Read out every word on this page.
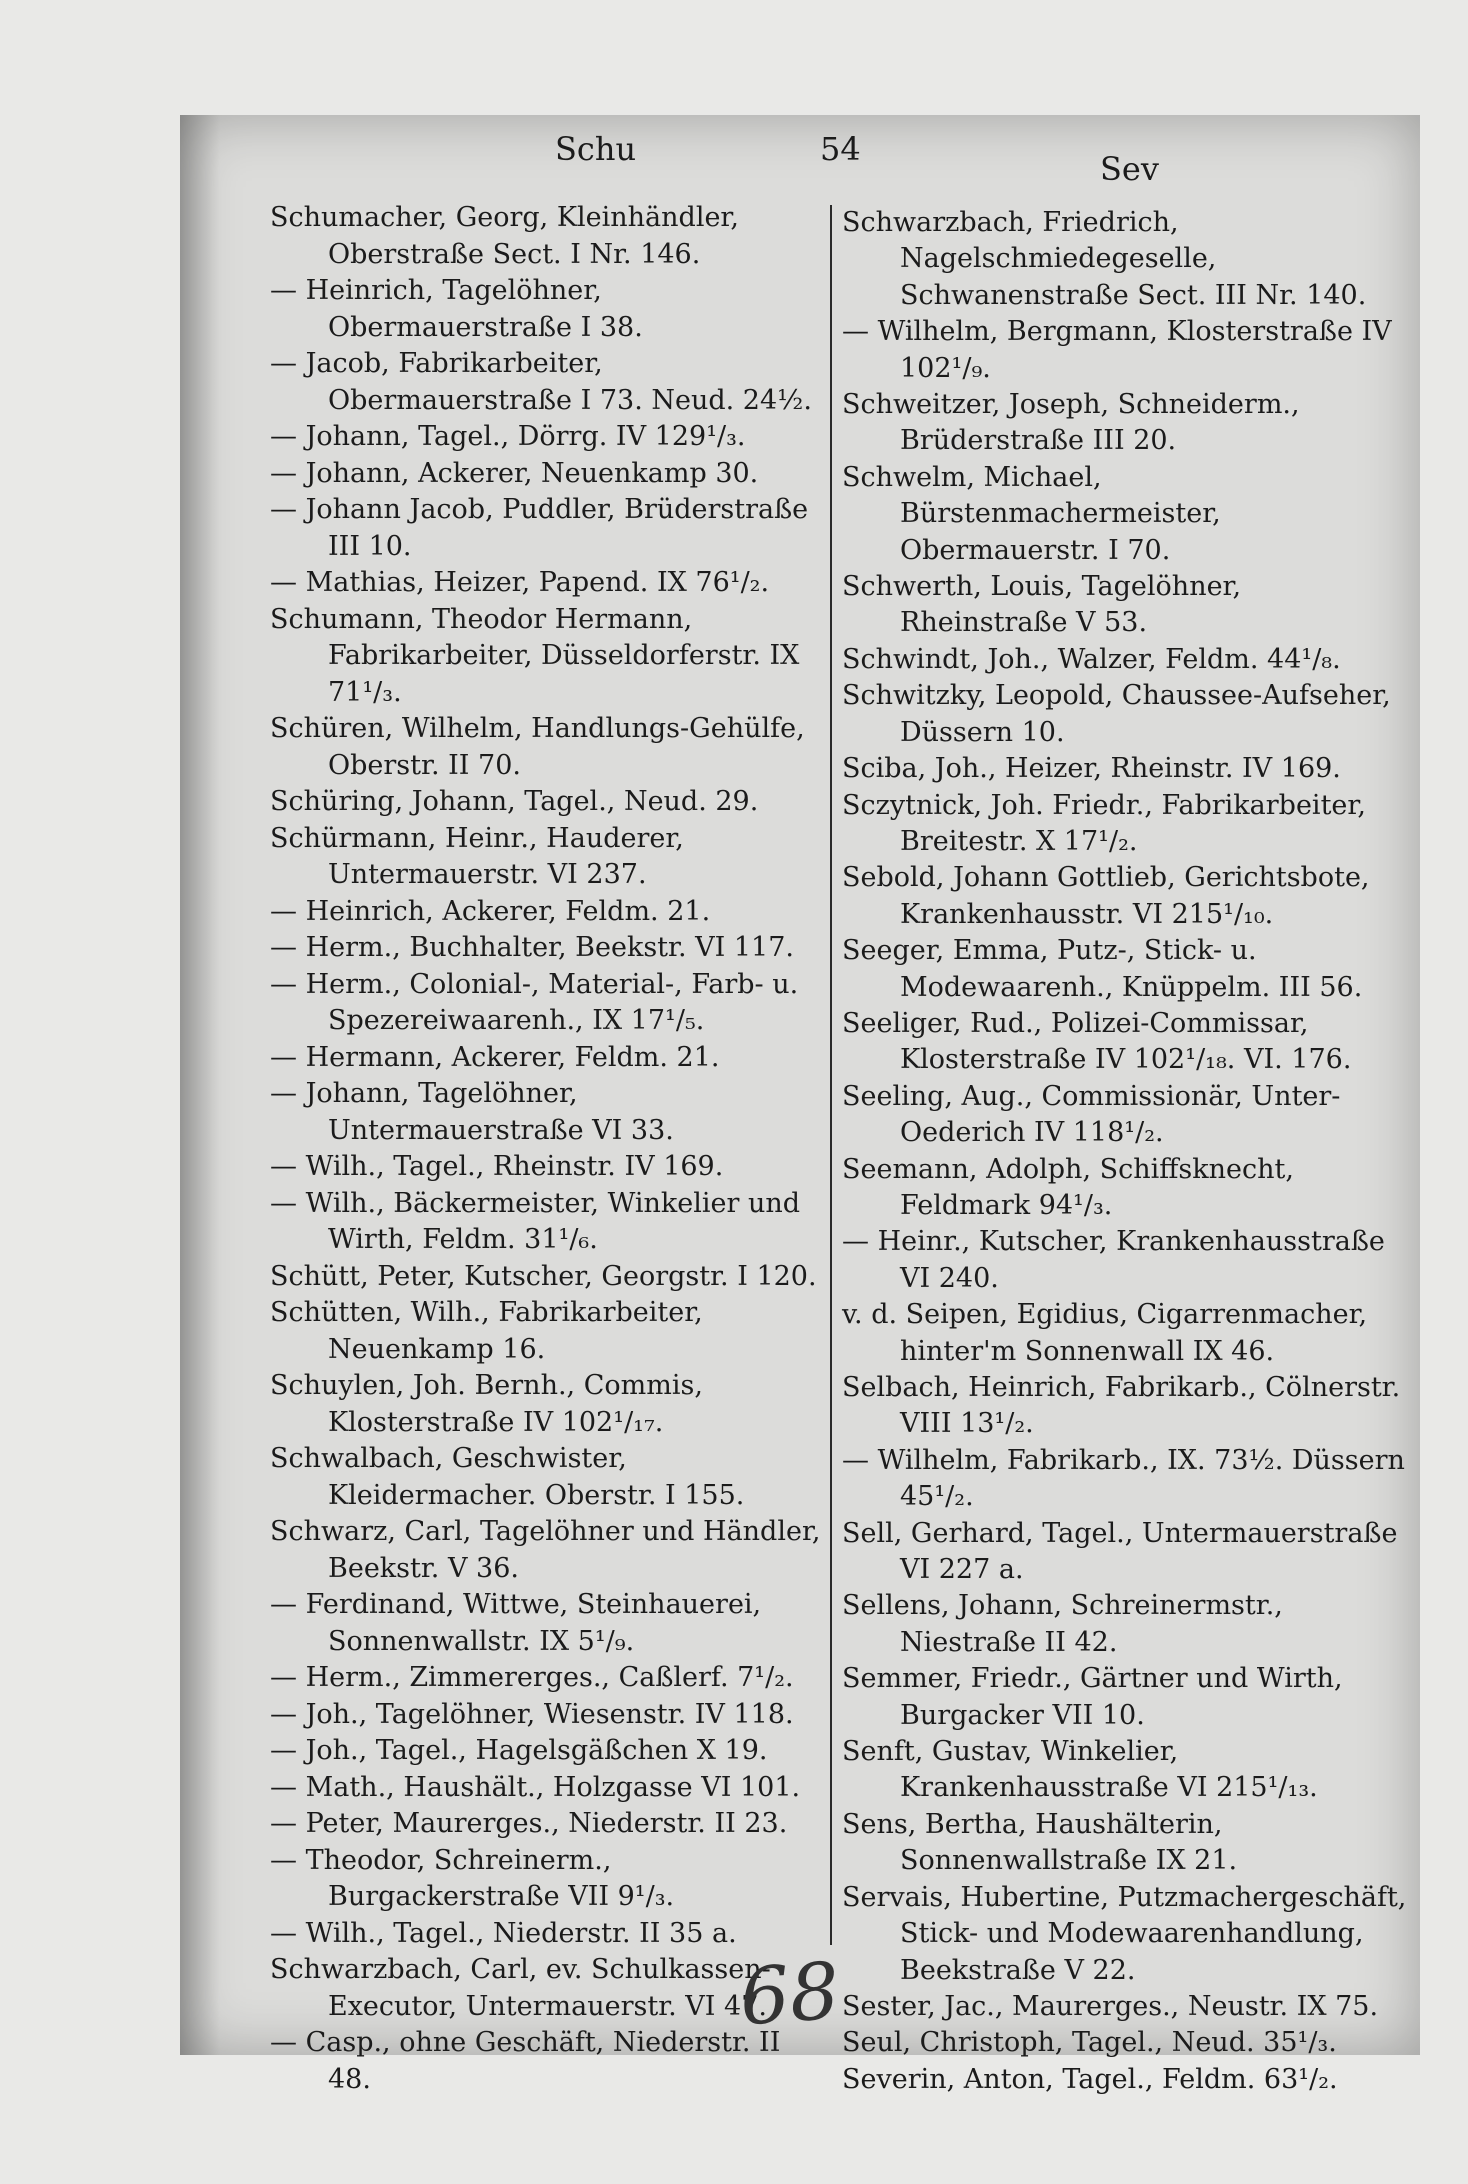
Schu	54
Sev
Schumacher, Georg, Kleinhändler, Oberstraße Sect. I Nr. 146.
— Heinrich, Tagelöhner, Obermauerstraße I 38.
— Jacob, Fabrikarbeiter, Obermauerstraße I 73. Neud. 24½.
— Johann, Tagel., Dörrg. IV 129¹/₃.
— Johann, Ackerer, Neuenkamp 30.
— Johann Jacob, Puddler, Brüderstraße III 10.
— Mathias, Heizer, Papend. IX 76¹/₂.
Schumann, Theodor Hermann, Fabrikarbeiter, Düsseldorferstr. IX 71¹/₃.
Schüren, Wilhelm, Handlungs-Gehülfe, Oberstr. II 70.
Schüring, Johann, Tagel., Neud. 29.
Schürmann, Heinr., Hauderer, Untermauerstr. VI 237.
— Heinrich, Ackerer, Feldm. 21.
— Herm., Buchhalter, Beekstr. VI 117.
— Herm., Colonial-, Material-, Farb- u. Spezereiwaarenh., IX 17¹/₅.
— Hermann, Ackerer, Feldm. 21.
— Johann, Tagelöhner, Untermauerstraße VI 33.
— Wilh., Tagel., Rheinstr. IV 169.
— Wilh., Bäckermeister, Winkelier und Wirth, Feldm. 31¹/₆.
Schütt, Peter, Kutscher, Georgstr. I 120.
Schütten, Wilh., Fabrikarbeiter, Neuenkamp 16.
Schuylen, Joh. Bernh., Commis, Klosterstraße IV 102¹/₁₇.
Schwalbach, Geschwister, Kleidermacher. Oberstr. I 155.
Schwarz, Carl, Tagelöhner und Händler, Beekstr. V 36.
— Ferdinand, Wittwe, Steinhauerei, Sonnenwallstr. IX 5¹/₉.
— Herm., Zimmererges., Caßlerf. 7¹/₂.
— Joh., Tagelöhner, Wiesenstr. IV 118.
— Joh., Tagel., Hagelsgäßchen X 19.
— Math., Haushält., Holzgasse VI 101.
— Peter, Maurerges., Niederstr. II 23.
— Theodor, Schreinerm., Burgackerstraße VII 9¹/₃.
— Wilh., Tagel., Niederstr. II 35 a.
Schwarzbach, Carl, ev. Schulkassen-Executor, Untermauerstr. VI 47.
— Casp., ohne Geschäft, Niederstr. II 48.
Schwarzbach, Friedrich, Nagelschmiedegeselle, Schwanenstraße Sect. III Nr. 140.
— Wilhelm, Bergmann, Klosterstraße IV 102¹/₉.
Schweitzer, Joseph, Schneiderm., Brüderstraße III 20.
Schwelm, Michael, Bürstenmachermeister, Obermauerstr. I 70.
Schwerth, Louis, Tagelöhner, Rheinstraße V 53.
Schwindt, Joh., Walzer, Feldm. 44¹/₈.
Schwitzky, Leopold, Chaussee-Aufseher, Düssern 10.
Sciba, Joh., Heizer, Rheinstr. IV 169.
Sczytnick, Joh. Friedr., Fabrikarbeiter, Breitestr. X 17¹/₂.
Sebold, Johann Gottlieb, Gerichtsbote, Krankenhausstr. VI 215¹/₁₀.
Seeger, Emma, Putz-, Stick- u. Modewaarenh., Knüppelm. III 56.
Seeliger, Rud., Polizei-Commissar, Klosterstraße IV 102¹/₁₈. VI. 176.
Seeling, Aug., Commissionär, Unter-Oederich IV 118¹/₂.
Seemann, Adolph, Schiffsknecht, Feldmark 94¹/₃.
— Heinr., Kutscher, Krankenhausstraße VI 240.
v. d. Seipen, Egidius, Cigarrenmacher, hinter'm Sonnenwall IX 46.
Selbach, Heinrich, Fabrikarb., Cölnerstr. VIII 13¹/₂.
— Wilhelm, Fabrikarb., IX. 73½. Düssern 45¹/₂.
Sell, Gerhard, Tagel., Untermauerstraße VI 227 a.
Sellens, Johann, Schreinermstr., Niestraße II 42.
Semmer, Friedr., Gärtner und Wirth, Burgacker VII 10.
Senft, Gustav, Winkelier, Krankenhausstraße VI 215¹/₁₃.
Sens, Bertha, Haushälterin, Sonnenwallstraße IX 21.
Servais, Hubertine, Putzmachergeschäft, Stick- und Modewaarenhandlung, Beekstraße V 22.
Sester, Jac., Maurerges., Neustr. IX 75.
Seul, Christoph, Tagel., Neud. 35¹/₃.
Severin, Anton, Tagel., Feldm. 63¹/₂.
68
